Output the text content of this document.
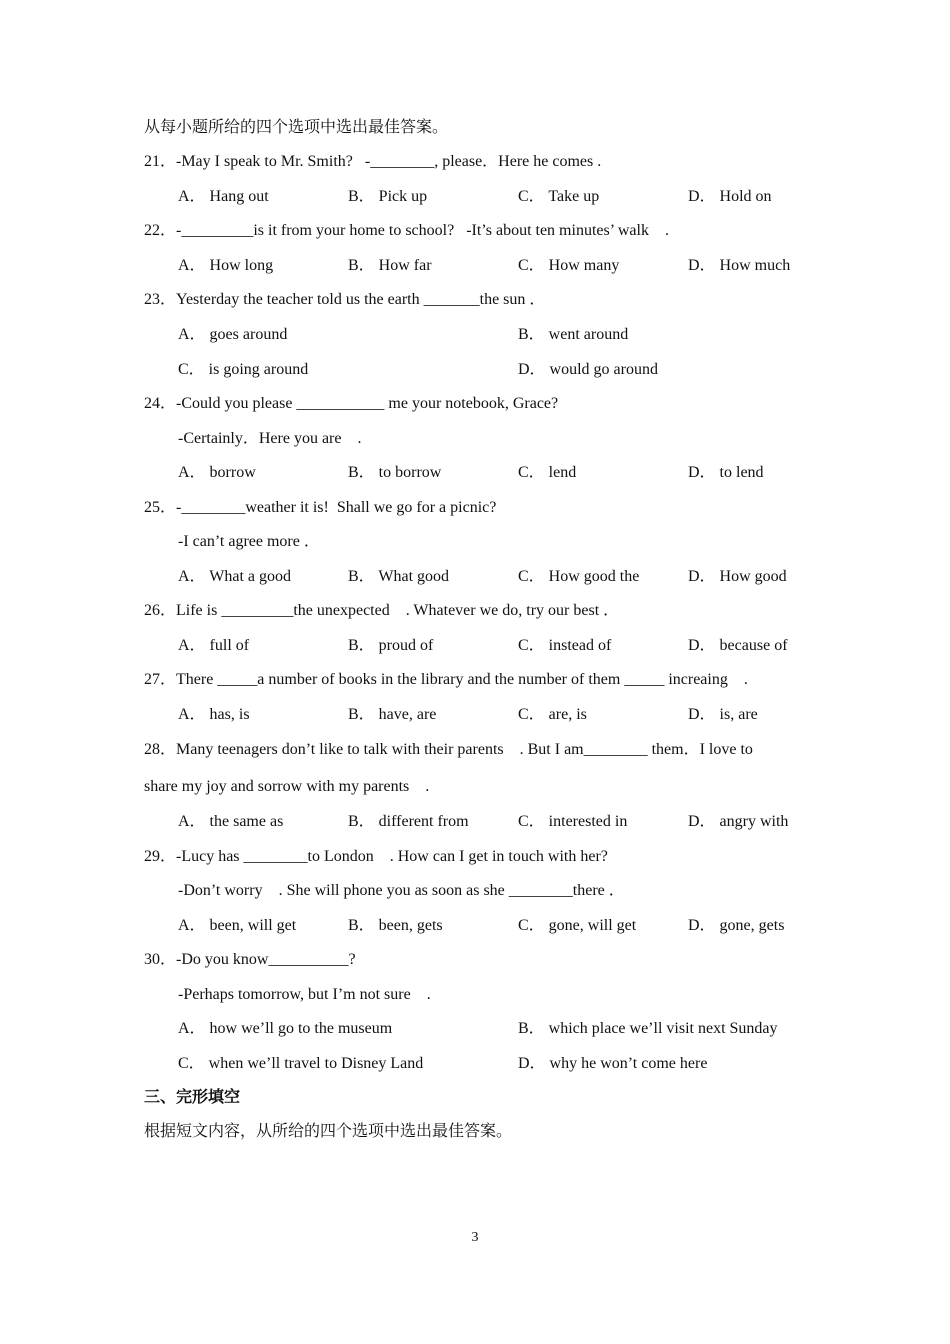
从每小题所给的四个选项中选出最佳答案。
21．-May I speak to Mr. Smith?   -________, please．Here he comes .
A． Hang out	B． Pick up	C． Take up	D． Hold on
22．-_________is it from your home to school?   -It’s about ten minutes’ walk　.
A． How long	B． How far	C． How many	D． How much
23．Yesterday the teacher told us the earth _______the sun ．
A． goes around	B． went around
C． is going around	D． would go around
24．-Could you please ___________ me your notebook, Grace?
-Certainly．Here you are　.
A． borrow	B． to borrow	C． lend	D． to lend
25．-________weather it is!  Shall we go for a picnic?
-I can’t agree more ．
A． What a good	B． What good	C． How good the	D． How good
26．Life is _________the unexpected　. Whatever we do, try our best ．
A． full of	B． proud of	C． instead of	D． because of
27．There _____a number of books in the library and the number of them _____ increaing　.
A． has, is	B． have, are	C． are, is	D． is, are
28．Many teenagers don’t like to talk with their parents　. But I am________ them．I love to
share my joy and sorrow with my parents　.
A． the same as	B． different from	C． interested in	D． angry with
29．-Lucy has ________to London　. How can I get in touch with her?
-Don’t worry　. She will phone you as soon as she ________there ．
A． been, will get	B． been, gets	C． gone, will get	D． gone, gets
30．-Do you know__________?
-Perhaps tomorrow, but I’m not sure　.
A． how we’ll go to the museum	B． which place we’ll visit next Sunday
C． when we’ll travel to Disney Land	D． why he won’t come here
三、完形填空
根据短文内容，从所给的四个选项中选出最佳答案。
3
